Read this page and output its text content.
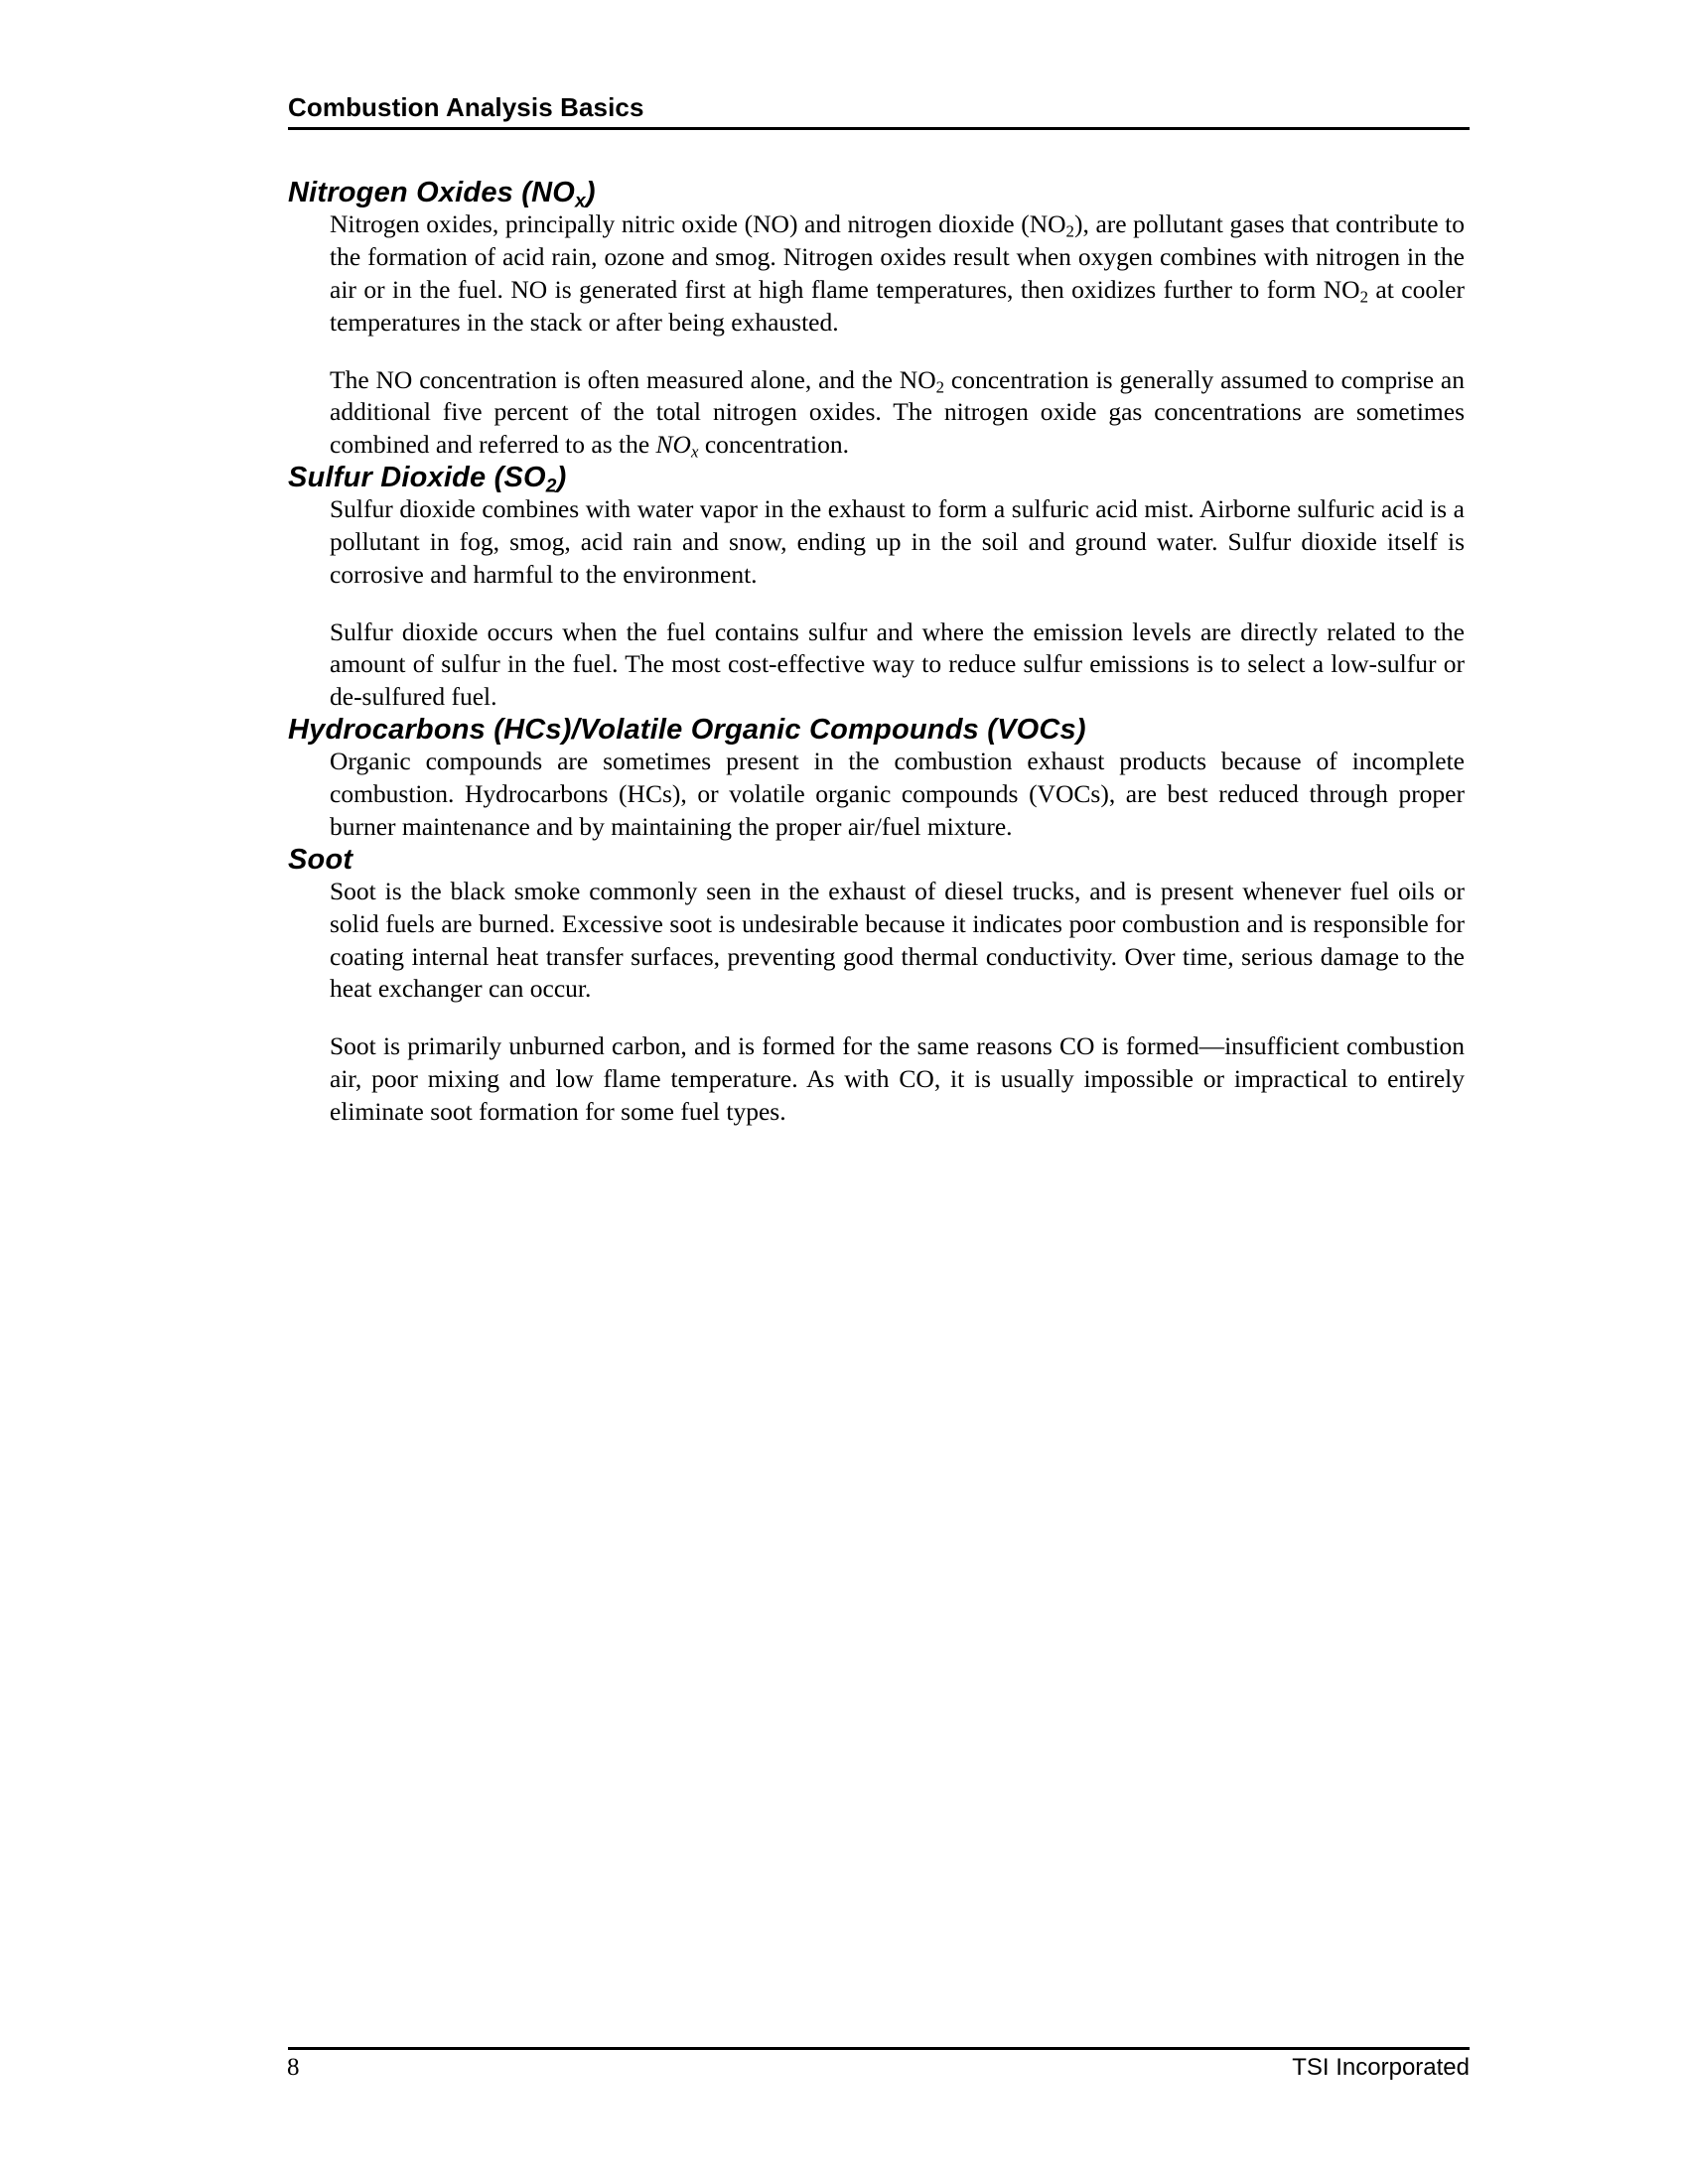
Combustion Analysis Basics
Nitrogen Oxides $(NO_x)$

Nitrogen oxides, principally nitric oxide (NO) and nitrogen dioxide $(NO_2)$, are pollutant gases that contribute to the formation of acid rain, ozone and smog. Nitrogen oxides result when oxygen combines with nitrogen in the air or in the fuel. NO is generated first at high flame temperatures, then oxidizes further to form $NO_2$ at cooler temperatures in the stack or after being exhausted.

The NO concentration is often measured alone, and the $NO_2$ concentration is generally assumed to comprise an additional five percent of the total nitrogen oxides. The nitrogen oxide gas concentrations are sometimes combined and referred to as the $NO_x$ concentration.

Sulfur Dioxide $(SO_2)$

Sulfur dioxide combines with water vapor in the exhaust to form a sulfuric acid mist. Airborne sulfuric acid is a pollutant in fog, smog, acid rain and snow, ending up in the soil and ground water. Sulfur dioxide itself is corrosive and harmful to the environment.

Sulfur dioxide occurs when the fuel contains sulfur and where the emission levels are directly related to the amount of sulfur in the fuel. The most cost-effective way to reduce sulfur emissions is to select a low-sulfur or de-sulfured fuel.

Hydrocarbons (HCs)/Volatile Organic Compounds (VOCs)

Organic compounds are sometimes present in the combustion exhaust products because of incomplete combustion. Hydrocarbons (HCs), or volatile organic compounds (VOCs), are best reduced through proper burner maintenance and by maintaining the proper air/fuel mixture.

Soot

Soot is the black smoke commonly seen in the exhaust of diesel trucks, and is present whenever fuel oils or solid fuels are burned. Excessive soot is undesirable because it indicates poor combustion and is responsible for coating internal heat transfer surfaces, preventing good thermal conductivity. Over time, serious damage to the heat exchanger can occur.

Soot is primarily unburned carbon, and is formed for the same reasons CO is formed—insufficient combustion air, poor mixing and low flame temperature. As with CO, it is usually impossible or impractical to entirely eliminate soot formation for some fuel types.

8	TSI Incorporated
